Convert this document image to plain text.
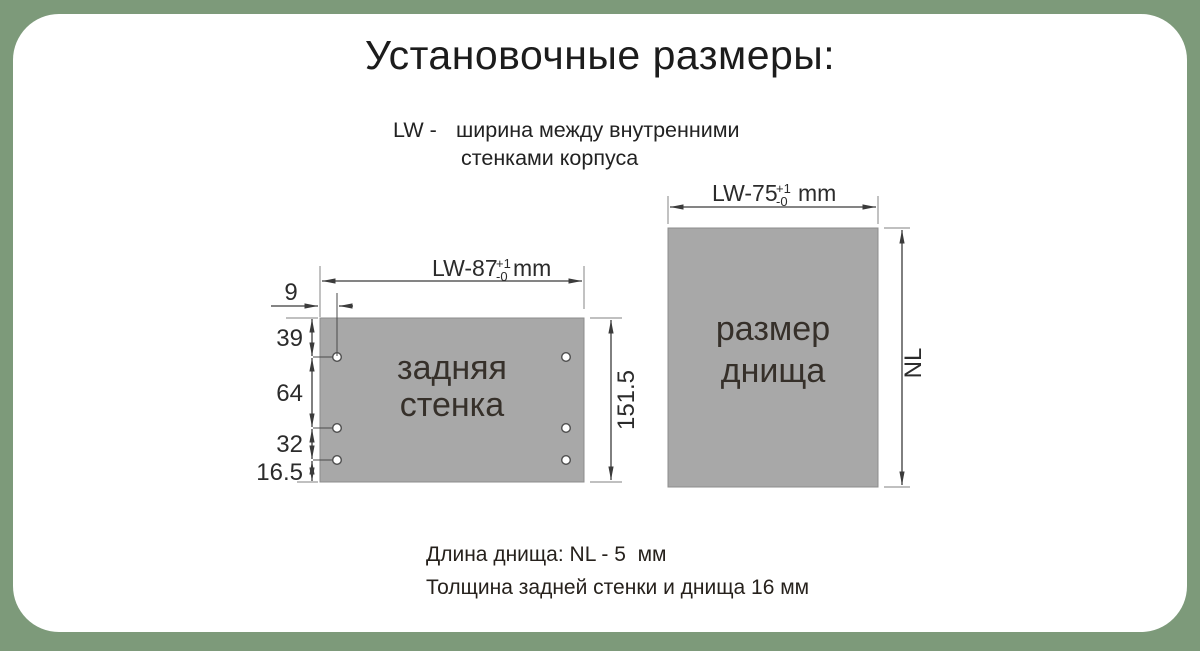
Установочные размеры:
LW - ширина между внутренними
стенками корпуса
задняя
стенка
LW-87
+1
-0 mm
9
39
64
32
16.5
151.5
размер
днища
LW-75
+1
-0 mm
NL
Длина днища: NL - 5  мм
Толщина задней стенки и днища 16 мм
